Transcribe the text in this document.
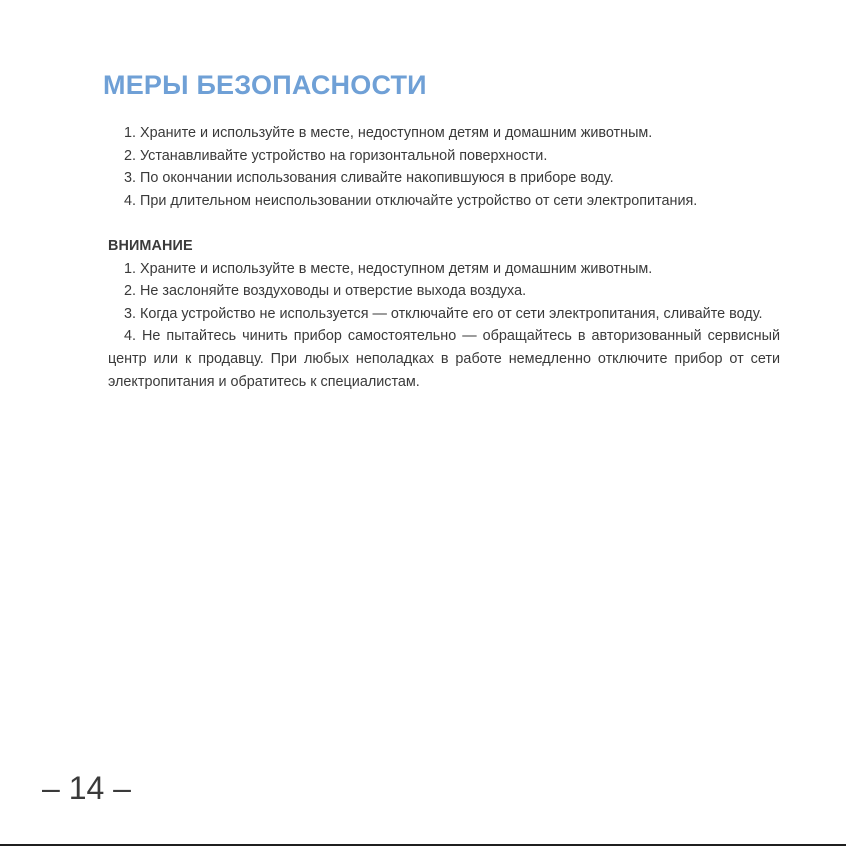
МЕРЫ БЕЗОПАСНОСТИ

1. Храните и используйте в месте, недоступном детям и домашним животным.

2. Устанавливайте устройство на горизонтальной поверхности.

3. По окончании использования сливайте накопившуюся в приборе воду.

4. При длительном неиспользовании отключайте устройство от сети электропитания.

ВНИМАНИЕ

1. Храните и используйте в месте, недоступном детям и домашним животным.

2. Не заслоняйте воздуховоды и отверстие выхода воздуха.

3. Когда устройство не используется — отключайте его от сети электропитания, сливайте воду.

4. Не пытайтесь чинить прибор самостоятельно — обращайтесь в авторизованный сервисный центр или к продавцу. При любых неполадках в работе немедленно отключите прибор от сети электропитания и обратитесь к специалистам.

– 14 –
